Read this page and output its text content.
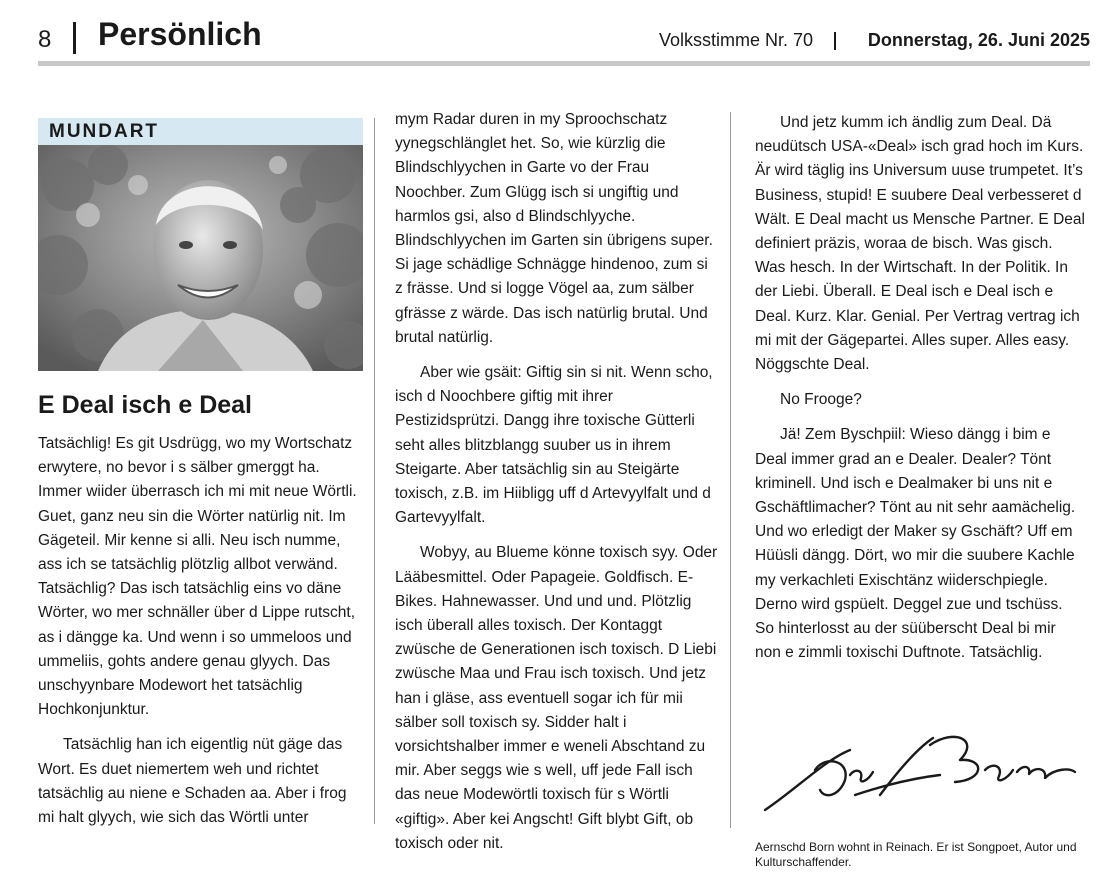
8 Persönlich	Volksstimme Nr. 70	Donnerstag, 26. Juni 2025
MUNDART
E Deal isch e Deal

Tatsächlig! Es git Usdrügg, wo my Wortschatz erwytere, no bevor i s sälber gmerggt ha. Immer wiider überrasch ich mi mit neue Wörtli. Guet, ganz neu sin die Wörter natürlig nit. Im Gägeteil. Mir kenne si alli. Neu isch numme, ass ich se tatsächlig plötzlig allbot verwänd. Tatsächlig? Das isch tatsächlig eins vo däne Wörter, wo mer schnäller über d Lippe rutscht, as i dängge ka. Und wenn i so ummeloos und ummeliis, gohts andere genau glyych. Das unschyynbare Modewort het tatsächlig Hochkonjunktur.

Tatsächlig han ich eigentlig nüt gäge das Wort. Es duet niemertem weh und richtet tatsächlig au niene e Schaden aa. Aber i frog mi halt glyych, wie sich das Wörtli unter

mym Radar duren in my Sproochschatz yynegschlänglet het. So, wie kürzlig die Blindschlyychen in Garte vo der Frau Noochber. Zum Glügg isch si ungiftig und harmlos gsi, also d Blindschlyyche. Blindschlyychen im Garten sin übrigens super. Si jage schädlige Schnägge hindenoo, zum si z frässe. Und si logge Vögel aa, zum sälber gfrässe z wärde. Das isch natürlig brutal. Und brutal natürlig.

Aber wie gsäit: Giftig sin si nit. Wenn scho, isch d Noochbere giftig mit ihrer Pestizidsprützi. Dangg ihre toxische Gütterli seht alles blitzblangg suuber us in ihrem Steigarte. Aber tatsächlig sin au Steigärte toxisch, z.B. im Hiibligg uff d Artevyylfalt und d Gartevyylfalt.

Wobyy, au Blueme könne toxisch syy. Oder Lääbesmittel. Oder Papageie. Goldfisch. E-Bikes. Hahnewasser. Und und und. Plötzlig isch überall alles toxisch. Der Kontaggt zwüsche de Generationen isch toxisch. D Liebi zwüsche Maa und Frau isch toxisch. Und jetz han i gläse, ass eventuell sogar ich für mii sälber soll toxisch sy. Sidder halt i vorsichtshalber immer e weneli Abschtand zu mir. Aber seggs wie s well, uff jede Fall isch das neue Modewörtli toxisch für s Wörtli «giftig». Aber kei Angscht! Gift blybt Gift, ob toxisch oder nit.

Und jetz kumm ich ändlig zum Deal. Dä neudütsch USA-«Deal» isch grad hoch im Kurs. Är wird täglig ins Universum uuse trumpetet. It’s Business, stupid! E suubere Deal verbesseret d Wält. E Deal macht us Mensche Partner. E Deal definiert präzis, woraa de bisch. Was gisch. Was hesch. In der Wirtschaft. In der Politik. In der Liebi. Überall. E Deal isch e Deal isch e Deal. Kurz. Klar. Genial. Per Vertrag vertrag ich mi mit der Gägepartei. Alles super. Alles easy. Nöggschte Deal.

No Frooge?

Jä! Zem Byschpiil: Wieso dängg i bim e Deal immer grad an e Dealer. Dealer? Tönt kriminell. Und isch e Dealmaker bi uns nit e Gschäftlimacher? Tönt au nit sehr aamächelig. Und wo erledigt der Maker sy Gschäft? Uff em Hüüsli dängg. Dört, wo mir die suubere Kachle my verkachleti Exischtänz wiiderschpiegle. Derno wird gspüelt. Deggel zue und tschüss. So hinterlosst au der süüberscht Deal bi mir non e zimmli toxischi Duftnote. Tatsächlig.

Aernschd Born wohnt in Reinach. Er ist Songpoet, Autor und Kulturschaffender.
